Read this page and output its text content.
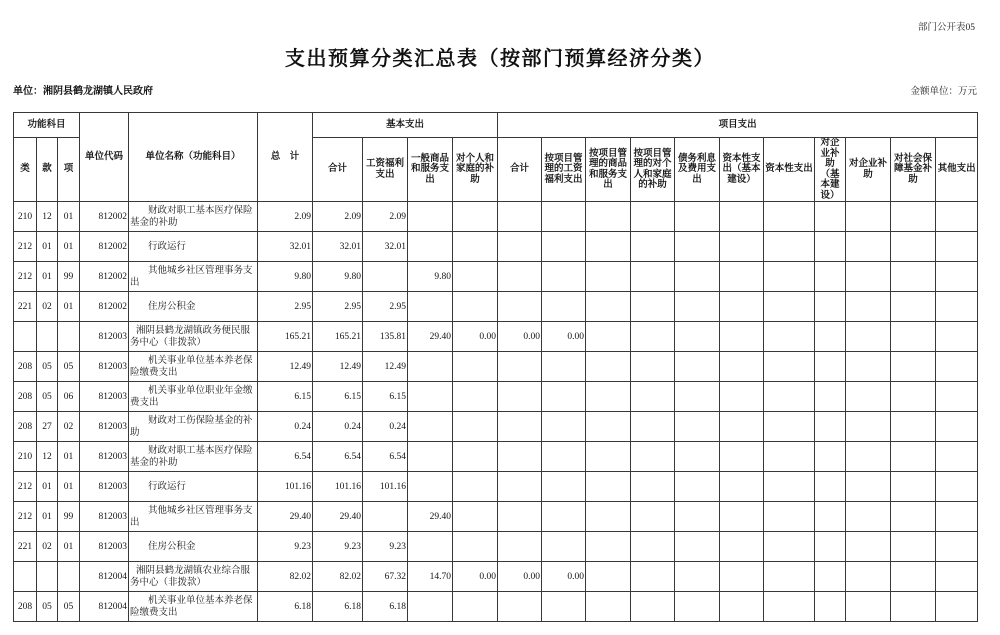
部门公开表05
支出预算分类汇总表（按部门预算经济分类）
单位：湘阴县鹤龙湖镇人民政府	金额单位：万元
功能科目			单位代码	单位名称（功能科目）	总　计	基本支出				项目支出										
类	款	项				合计	工资福利支出	一般商品和服务支出	对个人和家庭的补助	合计	按项目管理的工资福利支出	按项目管理的商品和服务支出	按项目管理的对个人和家庭的补助	债务利息及费用支出	资本性支出（基本建设）	资本性支出	对企业补助（基本建设）	对企业补助	对社会保障基金补助	其他支出
210	12	01	812002	财政对职工基本医疗保险基金的补助	2.09	2.09	2.09													
212	01	01	812002	行政运行	32.01	32.01	32.01													
212	01	99	812002	其他城乡社区管理事务支出	9.80	9.80		9.80												
221	02	01	812002	住房公积金	2.95	2.95	2.95													
			812003	湘阴县鹤龙湖镇政务便民服务中心（非拨款）	165.21	165.21	135.81	29.40	0.00	0.00	0.00									
208	05	05	812003	机关事业单位基本养老保险缴费支出	12.49	12.49	12.49													
208	05	06	812003	机关事业单位职业年金缴费支出	6.15	6.15	6.15													
208	27	02	812003	财政对工伤保险基金的补助	0.24	0.24	0.24													
210	12	01	812003	财政对职工基本医疗保险基金的补助	6.54	6.54	6.54													
212	01	01	812003	行政运行	101.16	101.16	101.16													
212	01	99	812003	其他城乡社区管理事务支出	29.40	29.40		29.40												
221	02	01	812003	住房公积金	9.23	9.23	9.23													
			812004	湘阴县鹤龙湖镇农业综合服务中心（非拨款）	82.02	82.02	67.32	14.70	0.00	0.00	0.00									
208	05	05	812004	机关事业单位基本养老保险缴费支出	6.18	6.18	6.18													
